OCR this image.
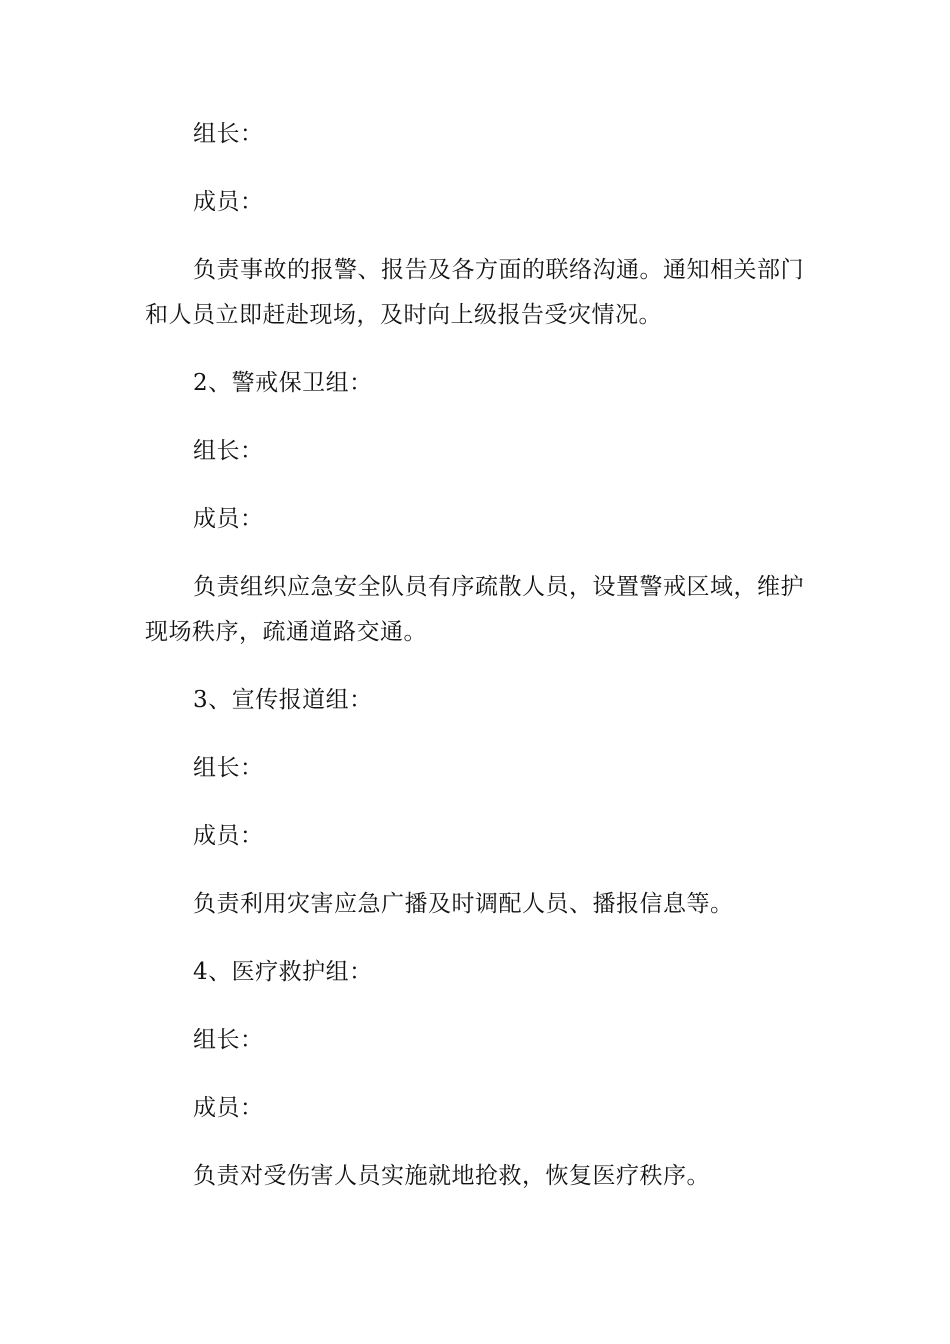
组长：

成员：

负责事故的报警、报告及各方面的联络沟通。通知相关部门和人员立即赶赴现场，及时向上级报告受灾情况。

2、警戒保卫组：

组长：

成员：

负责组织应急安全队员有序疏散人员，设置警戒区域，维护现场秩序，疏通道路交通。

3、宣传报道组：

组长：

成员：

负责利用灾害应急广播及时调配人员、播报信息等。

4、医疗救护组：

组长：

成员：

负责对受伤害人员实施就地抢救，恢复医疗秩序。
